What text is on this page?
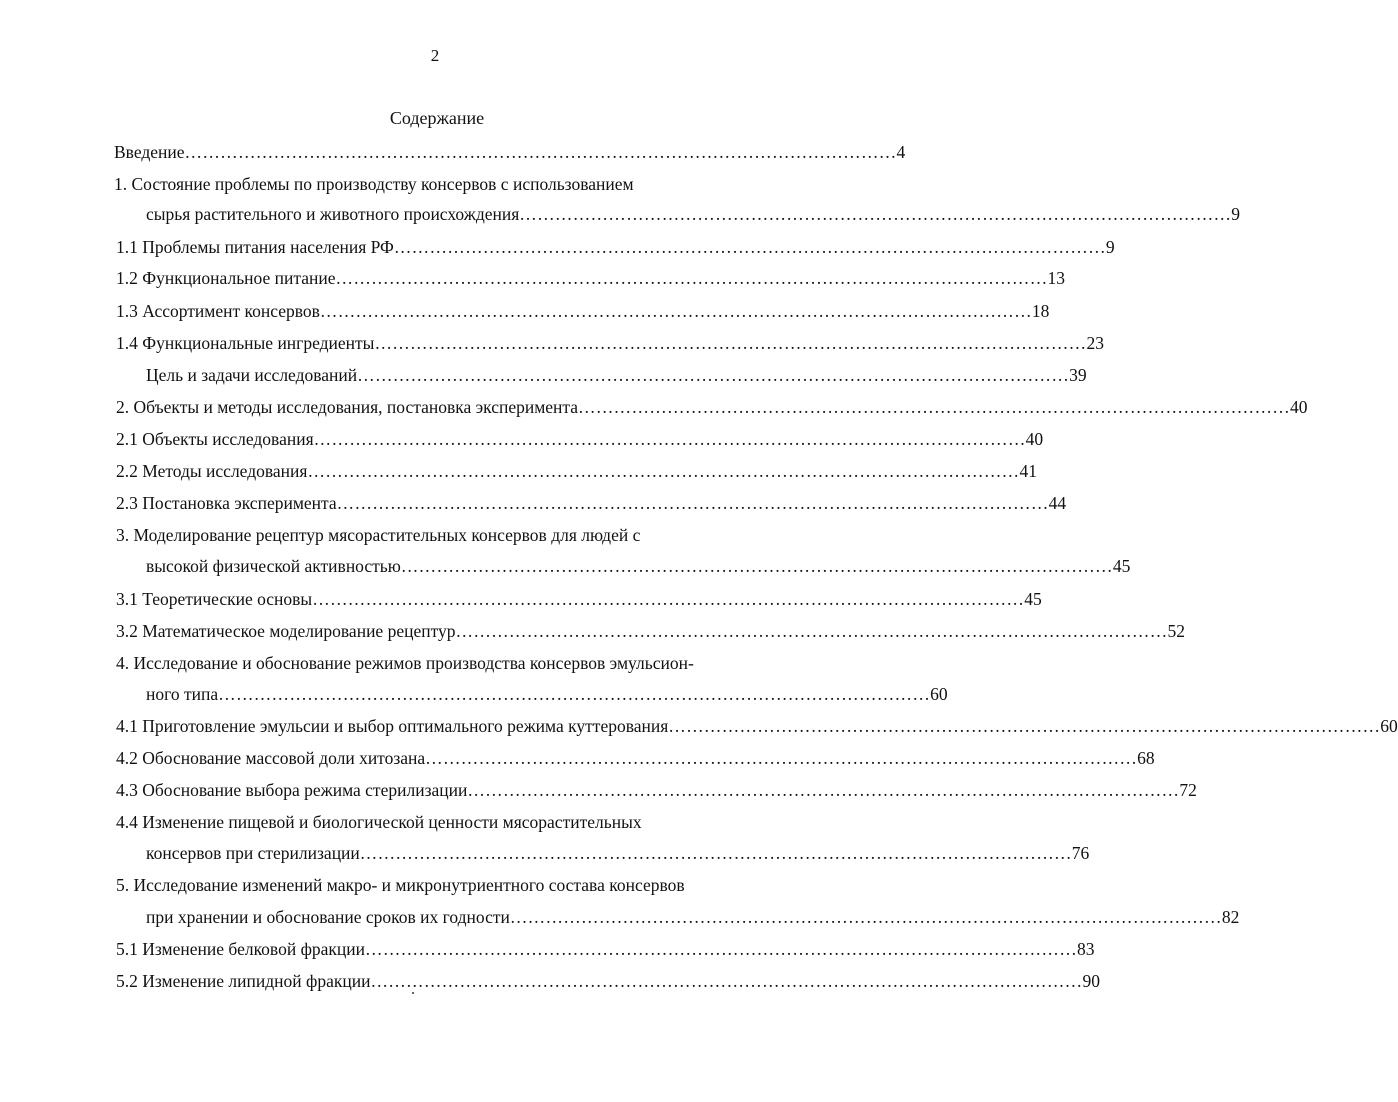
2
Содержание
Введение ………………………………………………………………………………………………………… 4
1. Состояние проблемы по производству консервов с использованием
сырья растительного и животного происхождения ………………………………………………………………………………………………………… 9
1.1 Проблемы питания населения РФ ………………………………………………………………………………………………………… 9
1.2 Функциональное питание ………………………………………………………………………………………………………… 13
1.3 Ассортимент консервов ………………………………………………………………………………………………………… 18
1.4 Функциональные ингредиенты ………………………………………………………………………………………………………… 23
Цель и задачи исследований ………………………………………………………………………………………………………… 39
2. Объекты и методы исследования, постановка эксперимента ………………………………………………………………………………………………………… 40
2.1 Объекты исследования ………………………………………………………………………………………………………… 40
2.2 Методы исследования ………………………………………………………………………………………………………… 41
2.3 Постановка эксперимента ………………………………………………………………………………………………………… 44
3. Моделирование рецептур мясорастительных консервов для людей с
высокой физической активностью ………………………………………………………………………………………………………… 45
3.1 Теоретические основы ………………………………………………………………………………………………………… 45
3.2 Математическое моделирование рецептур ………………………………………………………………………………………………………… 52
4. Исследование и обоснование режимов производства консервов эмульсион-
ного типа ………………………………………………………………………………………………………… 60
4.1 Приготовление эмульсии и выбор оптимального режима куттерования ………………………………………………………………………………………………………… 60
4.2 Обоснование массовой доли хитозана ………………………………………………………………………………………………………… 68
4.3 Обоснование выбора режима стерилизации ………………………………………………………………………………………………………… 72
4.4 Изменение пищевой и биологической ценности мясорастительных
консервов при стерилизации ………………………………………………………………………………………………………… 76
5. Исследование изменений макро- и микронутриентного состава консервов
при хранении и обоснование сроков их годности ………………………………………………………………………………………………………… 82
5.1 Изменение белковой фракции ………………………………………………………………………………………………………… 83
5.2 Изменение липидной фракции ………………………………………………………………………………………………………… 90
